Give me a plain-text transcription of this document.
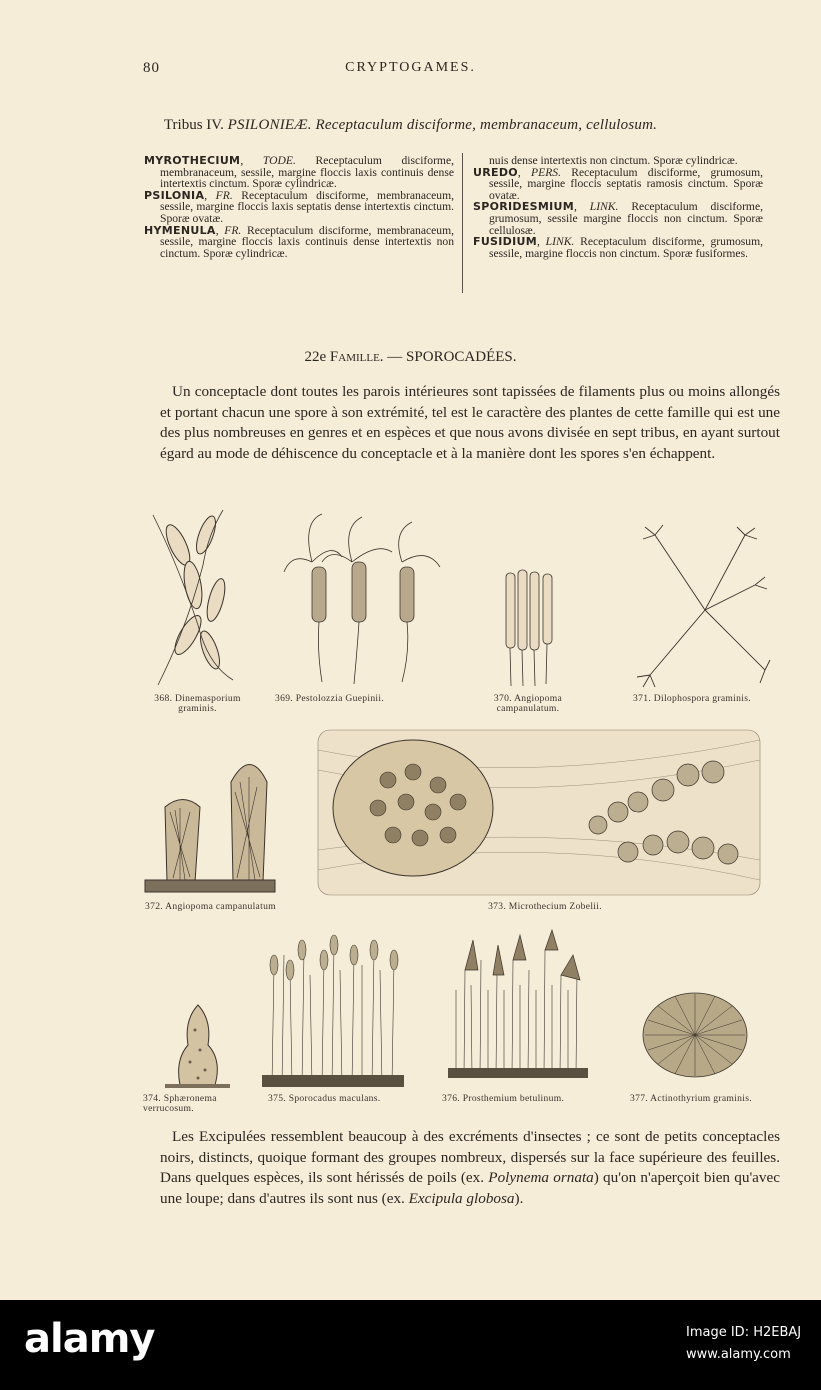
80	CRYPTOGAMES.
Tribus IV. PSILONIEÆ. Receptaculum disciforme, membranaceum, cellulosum.

MYROTHECIUM, TODE. Receptaculum disciforme, membranaceum, sessile, margine floccis laxis continuis dense intertextis cinctum. Sporæ cylindricæ.

PSILONIA, FR. Receptaculum disciforme, membranaceum, sessile, margine floccis laxis septatis dense intertextis cinctum. Sporæ ovatæ.

HYMENULA, FR. Receptaculum disciforme, membranaceum, sessile, margine floccis laxis continuis dense intertextis non cinctum. Sporæ cylindricæ.

nuis dense intertextis non cinctum. Sporæ cylindricæ.

UREDO, PERS. Receptaculum disciforme, grumosum, sessile, margine floccis septatis ramosis cinctum. Sporæ ovatæ.

SPORIDESMIUM, LINK. Receptaculum disciforme, grumosum, sessile margine floccis non cinctum. Sporæ cellulosæ.

FUSIDIUM, LINK. Receptaculum disciforme, grumosum, sessile, margine floccis non cinctum. Sporæ fusiformes.

22e Famille. — SPOROCADÉES.
Un conceptacle dont toutes les parois intérieures sont tapissées de filaments plus ou moins allongés et portant chacun une spore à son extrémité, tel est le caractère des plantes de cette famille qui est une des plus nombreuses en genres et en espèces et que nous avons divisée en sept tribus, en ayant surtout égard au mode de déhiscence du conceptacle et à la manière dont les spores s'en échappent.
368. Dinemasporium graminis.
369. Pestolozzia Guepinii.	370. Angiopoma campanulatum.
371. Dilophospora graminis.
372. Angiopoma campanulatum	373. Microthecium Zobelii.
374. Sphæronema verrucosum.
375. Sporocadus maculans.	376. Prosthemium betulinum.	377. Actinothyrium graminis.
Les Excipulées ressemblent beaucoup à des excréments d'insectes ; ce sont de petits conceptacles noirs, distincts, quoique formant des groupes nombreux, dispersés sur la face supérieure des feuilles. Dans quelques espèces, ils sont hérissés de poils (ex. Polynema ornata) qu'on n'aperçoit bien qu'avec une loupe; dans d'autres ils sont nus (ex. Excipula globosa).
alamy	Image ID: H2EBAJ
www.alamy.com
